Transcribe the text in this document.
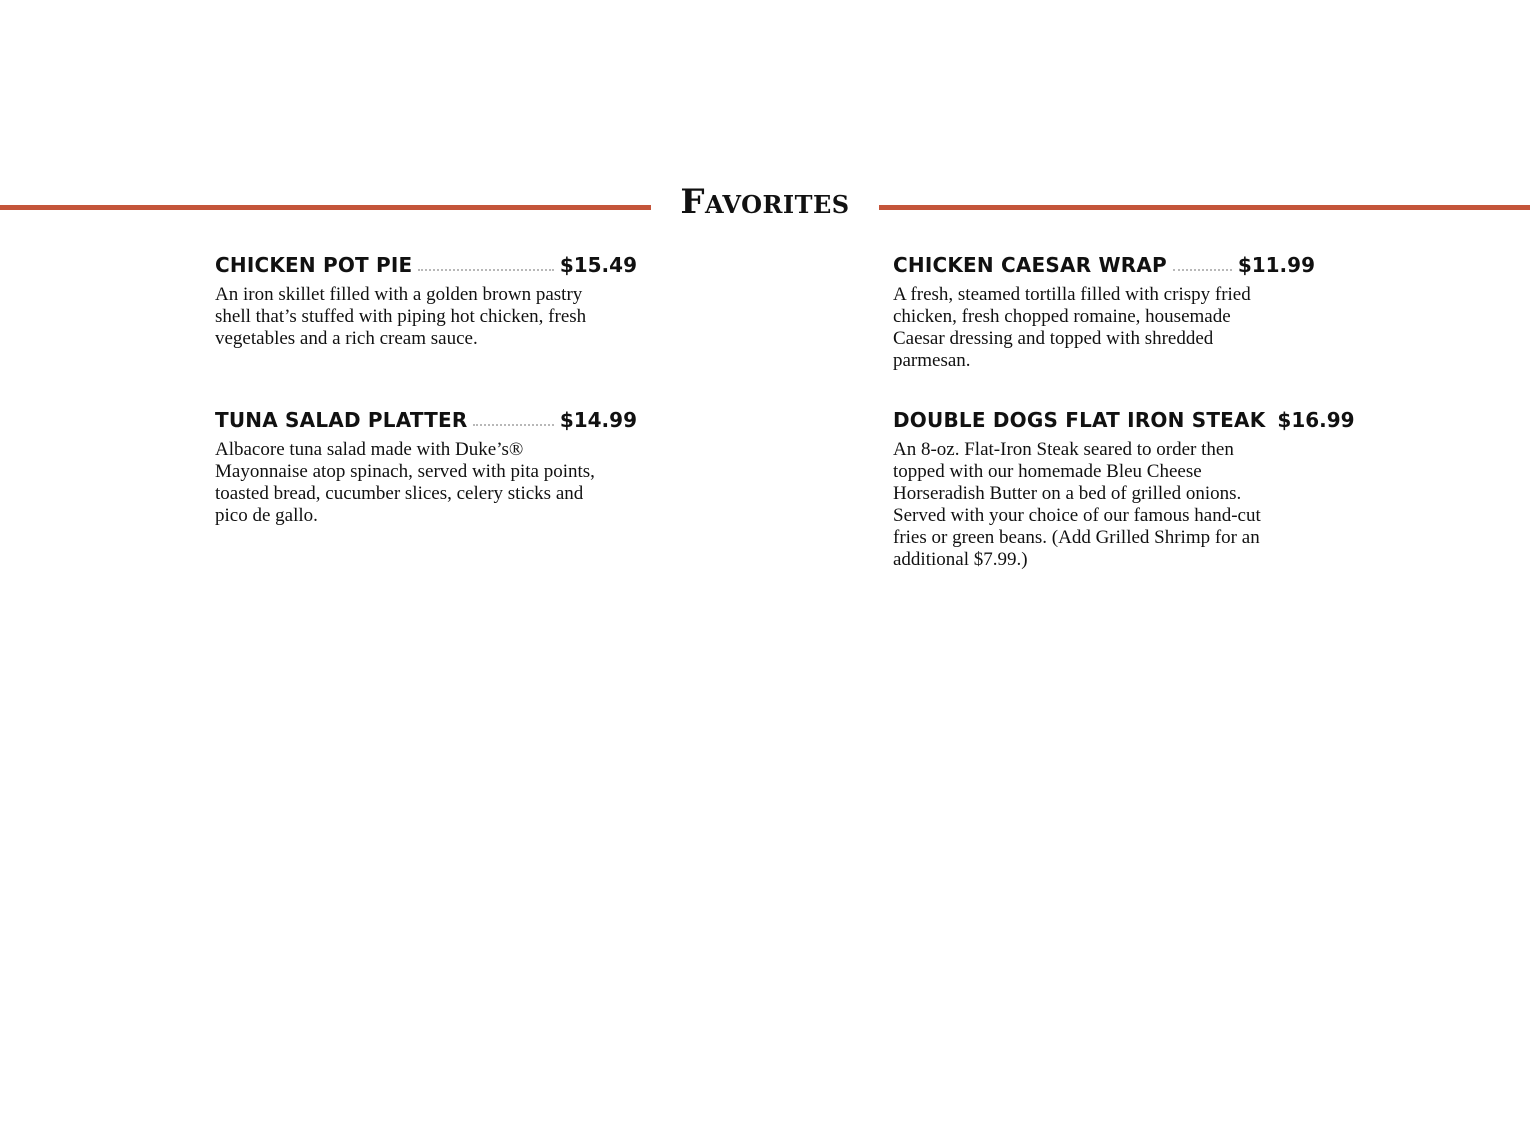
Favorites
CHICKEN POT PIE	$15.49
An iron skillet filled with a golden brown pastry shell that’s stuffed with piping hot chicken, fresh vegetables and a rich cream sauce.
TUNA SALAD PLATTER	$14.99
Albacore tuna salad made with Duke’s® Mayonnaise atop spinach, served with pita points, toasted bread, cucumber slices, celery sticks and pico de gallo.
CHICKEN CAESAR WRAP	$11.99
A fresh, steamed tortilla filled with crispy fried chicken, fresh chopped romaine, housemade Caesar dressing and topped with shredded parmesan.
DOUBLE DOGS FLAT IRON STEAK $16.99
An 8-oz. Flat-Iron Steak seared to order then topped with our homemade Bleu Cheese Horseradish Butter on a bed of grilled onions. Served with your choice of our famous hand-cut fries or green beans. (Add Grilled Shrimp for an additional $7.99.)
